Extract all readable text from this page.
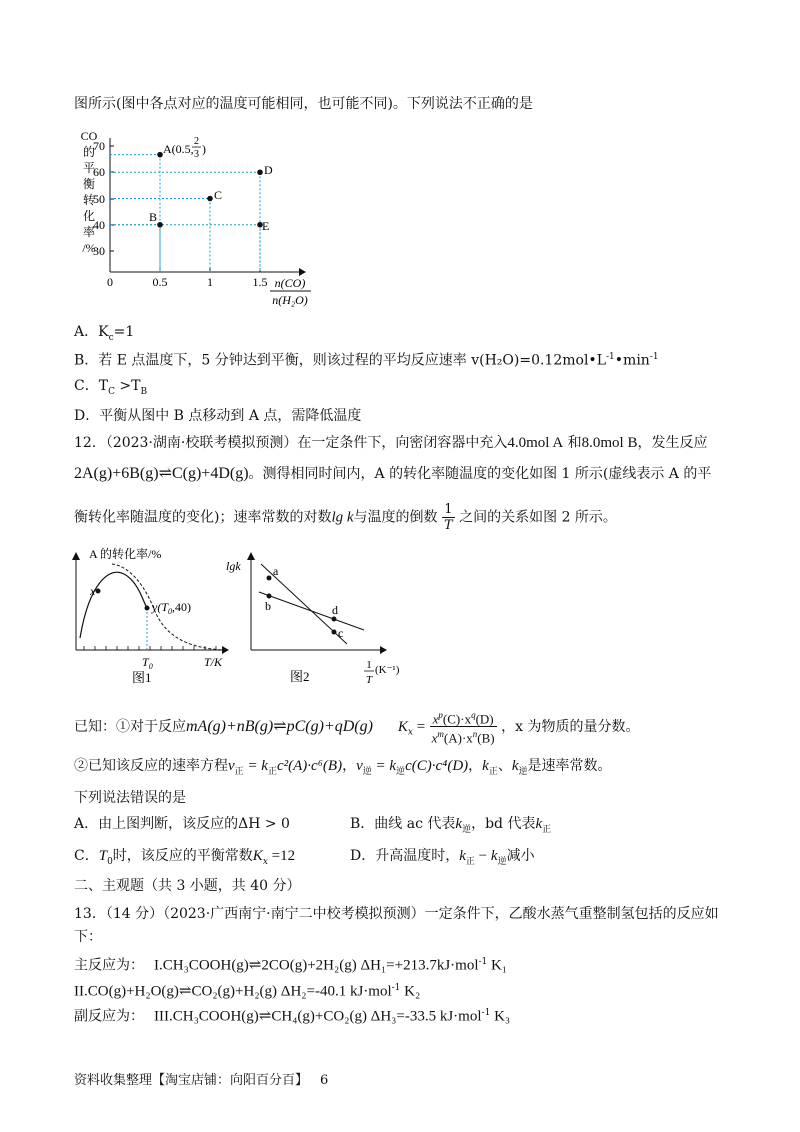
图所示(图中各点对应的温度可能相同，也可能不同)。下列说法不正确的是
CO
的
平
衡
转
化
率
/%
70
60
50
40
30
0	0.5	1	1.5 n(CO)
n(H₂O)
A(0.5,
2
3 )
B
C
D
E
A．$K_c=1$
B．若 E 点温度下，5 分钟达到平衡，则该过程的平均反应速率 $v(H_2O)=0.12mol•L^{-1}•\min^{-1}$
C．$T_C >T_B$
D．平衡从图中 B 点移动到 A 点，需降低温度
12．（2023·湖南·校联考模拟预测）在一定条件下，向密闭容器中充入4.0mol A 和8.0mol B，发生反应
2A(g)+6B(g)⇌C(g)+4D(g)。测得相同时间内，A 的转化率随温度的变化如图 1 所示(虚线表示 A 的平
衡转化率随温度的变化)；速率常数的对数lg k与温度的倒数 $\frac{1}{T}$ 之间的关系如图 2 所示。
A 的转化率/%
x
$y(T_0,40)$
$T_0$	T/K
图1
lgk	a
b
c
d
图2
1
T
(K⁻¹)
已知：①对于反应mA(g)+nB(g)⇌pC(g)+qD(g) $K_x = \frac{x^p(C)\cdot x^q(D)}{x^m(A)\cdot x^n(B)}$ ，x 为物质的量分数。
②已知该反应的速率方程$v_正 = k_正c^2(A)\cdot c^6(B)$，$v_逆 = k_逆c(C)\cdot c^4(D)$，$k_正$、$k_逆$是速率常数。
下列说法错误的是
A．由上图判断，该反应的ΔH > 0	B．曲线 ac 代表$k_逆$，bd 代表$k_正$
C．$T_0$时，该反应的平衡常数$K_x =12$	D．升高温度时，$k_正 - k_逆$减小
二、主观题（共 3 小题，共 40 分）
13．（14 分）（2023·广西南宁·南宁二中校考模拟预测）一定条件下，乙酸水蒸气重整制氢包括的反应如
下：
主反应为： I.CH₃COOH(g)⇌2CO(g)+2H₂(g) ΔH₁=+213.7kJ·mol$^{-1}$ K₁
II.CO(g)+H₂O(g)⇌CO₂(g)+H₂(g) ΔH₂=-40.1 kJ·mol$^{-1}$ K₂
副反应为： III.CH₃COOH(g)⇌CH₄(g)+CO₂(g) ΔH₃=-33.5 kJ·mol$^{-1}$ K₃
资料收集整理【淘宝店铺：向阳百分百】 6
